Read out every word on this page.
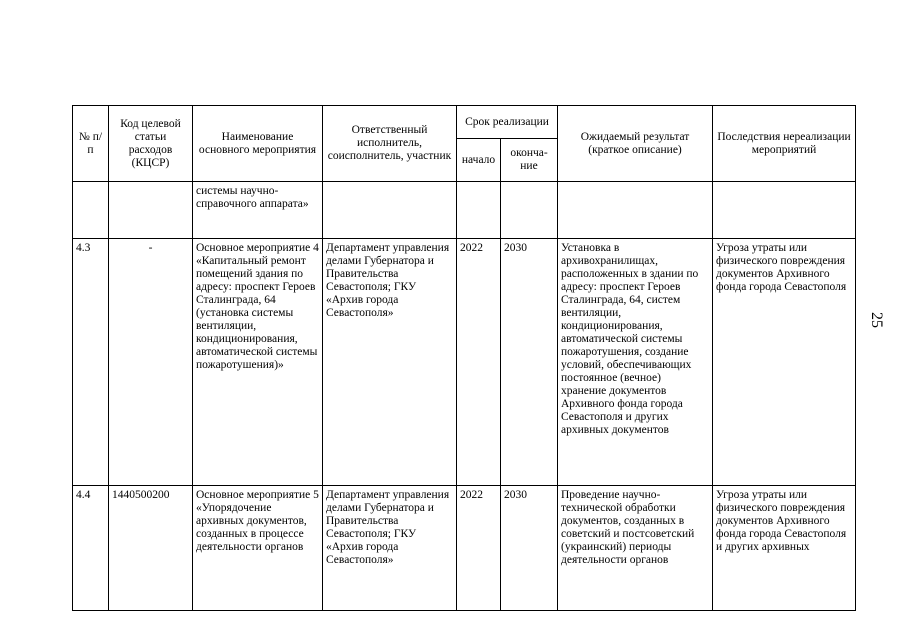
25
№ п/п	Код целевой статьи расходов (КЦСР)	Наименование основного мероприятия	Ответственный исполнитель, соисполнитель, участник	Срок реализации		Ожидаемый результат (краткое описание)	Последствия нереализации мероприятий
				начало	оконча-ние		
		системы научно-справочного аппарата»					
4.3	-	Основное мероприятие 4 «Капитальный ремонт помещений здания по адресу: проспект Героев Сталинграда, 64 (установка системы вентиляции, кондиционирования, автоматической системы пожаротушения)»	Департамент управления делами Губернатора и Правительства Севастополя; ГКУ «Архив города Севастополя»	2022	2030	Установка в архивохранилищах, расположенных в здании по адресу: проспект Героев Сталинграда, 64, систем вентиляции, кондиционирования, автоматической системы пожаротушения, создание условий, обеспечивающих постоянное (вечное) хранение документов Архивного фонда города Севастополя и других архивных документов	Угроза утраты или физического повреждения документов Архивного фонда города Севастополя
4.4	1440500200	Основное мероприятие 5 «Упорядочение архивных документов, созданных в процессе деятельности органов	Департамент управления делами Губернатора и Правительства Севастополя; ГКУ «Архив города Севастополя»	2022	2030	Проведение научно-технической обработки документов, созданных в советский и постсоветский (украинский) периоды деятельности органов	Угроза утраты или физического повреждения документов Архивного фонда города Севастополя и других архивных
